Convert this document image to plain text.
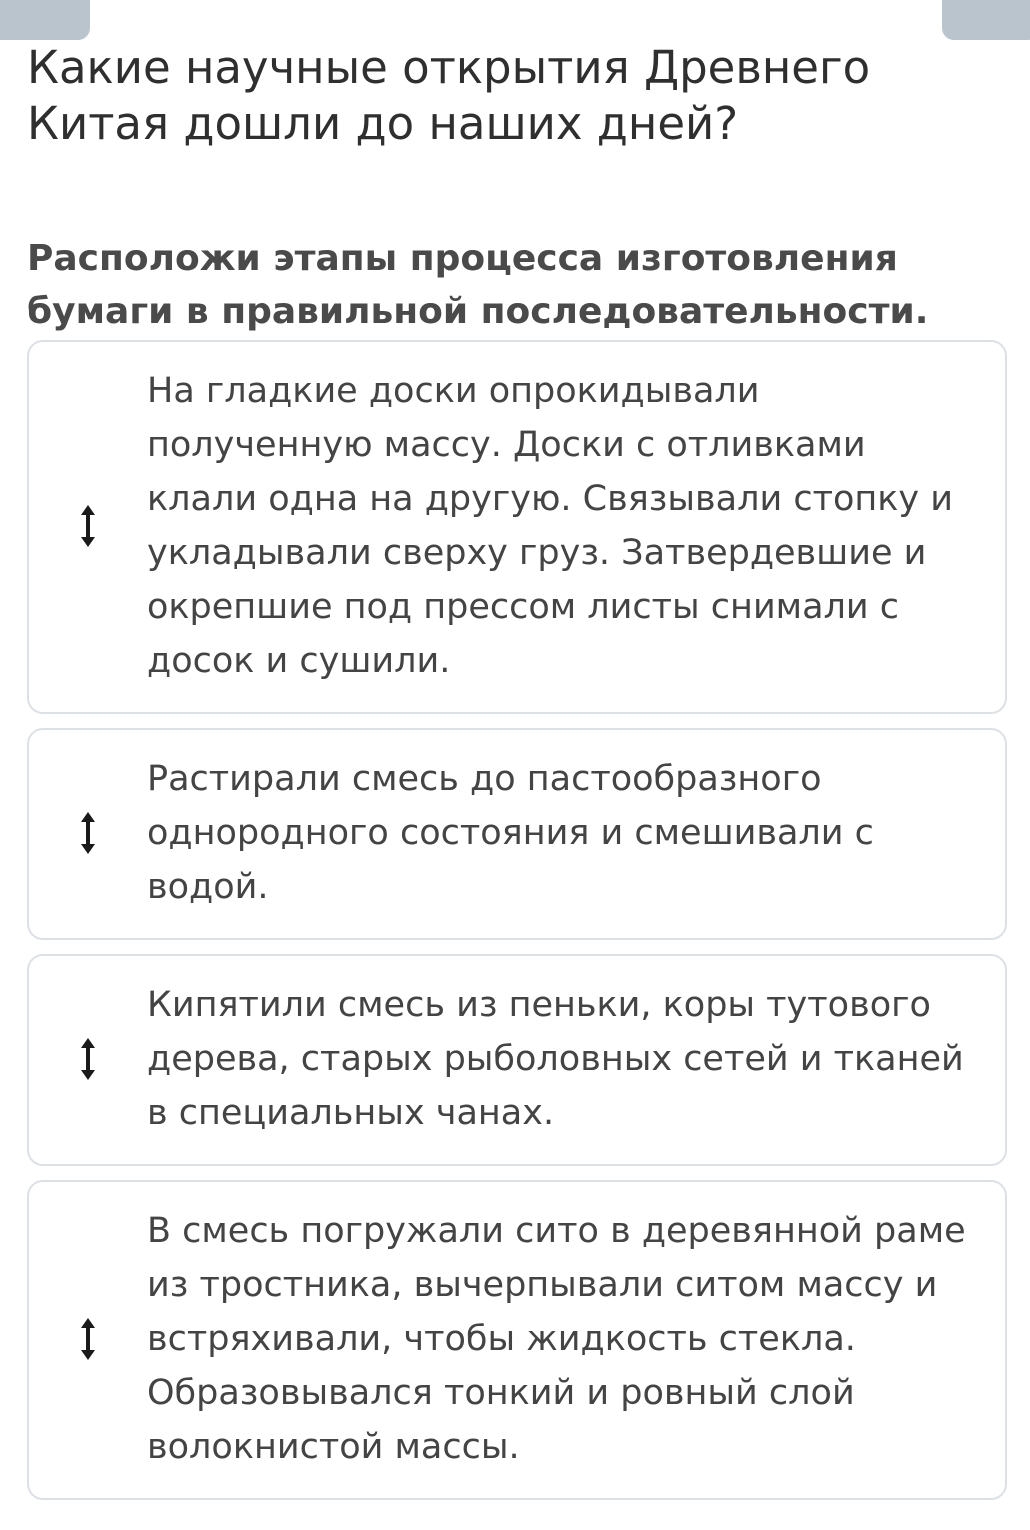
Какие научные открытия Древнего Китая дошли до наших дней?

Расположи этапы процесса изготовления бумаги в правильной последовательности.

На гладкие доски опрокидывали полученную массу. Доски с отливками клали одна на другую. Связывали стопку и укладывали сверху груз. Затвердевшие и окрепшие под прессом листы снимали с досок и сушили.
Растирали смесь до пастообразного однородного состояния и смешивали с водой.
Кипятили смесь из пеньки, коры тутового дерева, старых рыболовных сетей и тканей в специальных чанах.
В смесь погружали сито в деревянной раме из тростника, вычерпывали ситом массу и встряхивали, чтобы жидкость стекла. Образовывался тонкий и ровный слой волокнистой массы.
